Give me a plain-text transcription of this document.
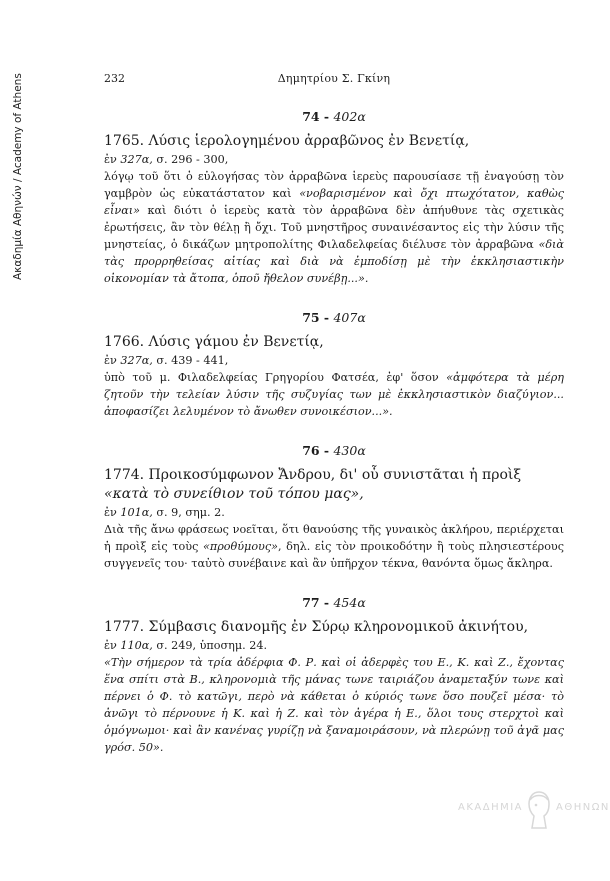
Ακαδημία Αθηνών / Academy of Athens	232	Δημητρίου Σ. Γκίνη
74 - 402α

1765. Λύσις ἱερολογημένου ἀρραβῶνος ἐν Βενετίᾳ,

ἐν 327α, σ. 296 - 300,

λόγῳ τοῦ ὅτι ὁ εὐλογήσας τὸν ἀρραβῶνα ἱερεὺς παρουσίασε τῇ ἐναγούσῃ τὸν γαμβρὸν ὡς εὐκατάστατον καὶ «νοβαρισμένον καὶ ὄχι πτωχότατον, καθὼς εἶναι» καὶ διότι ὁ ἱερεὺς κατὰ τὸν ἀρραβῶνα δὲν ἀπήυθυνε τὰς σχετικὰς ἐρωτήσεις, ἂν τὸν θέλῃ ἢ ὄχι. Τοῦ μνηστῆρος συναινέσαντος εἰς τὴν λύσιν τῆς μνηστείας, ὁ δικάζων μητροπολίτης Φιλαδελφείας διέλυσε τὸν ἀρραβῶνα «διὰ τὰς προρρηθείσας αἰτίας καὶ διὰ νὰ ἐμποδίσῃ μὲ τὴν ἐκκλησιαστικὴν οἰκονομίαν τὰ ἄτοπα, ὁποῦ ἤθελον συνέβῃ...».

75 - 407α

1766. Λύσις γάμου ἐν Βενετίᾳ,

ἐν 327α, σ. 439 - 441,

ὑπὸ τοῦ μ. Φιλαδελφείας Γρηγορίου Φατσέα, ἐφ' ὅσον «ἀμφότερα τὰ μέρη ζητοῦν τὴν τελείαν λύσιν τῆς συζυγίας των μὲ ἐκκλησιαστικὸν διαζύγιον... ἀποφασίζει λελυμένον τὸ ἄνωθεν συνοικέσιον...».

76 - 430α

1774. Προικοσύμφωνον Ἄνδρου, δι' οὗ συνιστᾶται ἡ προὶξ «κατὰ τὸ συνείθιον τοῦ τόπου μας»,

ἐν 101α, σ. 9, σημ. 2.

Διὰ τῆς ἄνω φράσεως νοεῖται, ὅτι θανούσης τῆς γυναικὸς ἀκλήρου, περιέρχεται ἡ προὶξ εἰς τοὺς «προθύμους», δηλ. εἰς τὸν προικοδότην ἢ τοὺς πλησιεστέρους συγγενεῖς του· ταὐτὸ συνέβαινε καὶ ἂν ὑπῆρχον τέκνα, θανόντα ὅμως ἄκληρα.

77 - 454α

1777. Σύμβασις διανομῆς ἐν Σύρῳ κληρονομικοῦ ἀκινήτου,

ἐν 110α, σ. 249, ὑποσημ. 24.

«Τὴν σήμερον τὰ τρία ἀδέρφια Φ. Ρ. καὶ οἱ ἀδερφὲς του Ε., Κ. καὶ Ζ., ἔχοντας ἕνα σπίτι στὰ Β., κληρονομιὰ τῆς μάνας τωνε ταιριάζου ἀναμεταξύν τωνε καὶ πέρνει ὁ Φ. τὸ κατῶγι, περὸ νὰ κάθεται ὁ κύριός τωνε ὅσο πουζεῖ μέσα· τὸ ἀνῶγι τὸ πέρνουνε ἡ Κ. καὶ ἡ Ζ. καὶ τὸν ἀγέρα ἡ Ε., ὅλοι τους στερχτοὶ καὶ ὁμόγνωμοι· καὶ ἂν κανένας γυρίζῃ νὰ ξαναμοιράσουν, νὰ πλερώνῃ τοῦ ἀγᾶ μας γρόσ. 50».

ΑΚΑΔΗΜΙΑ	ΑΘΗΝΩΝ
